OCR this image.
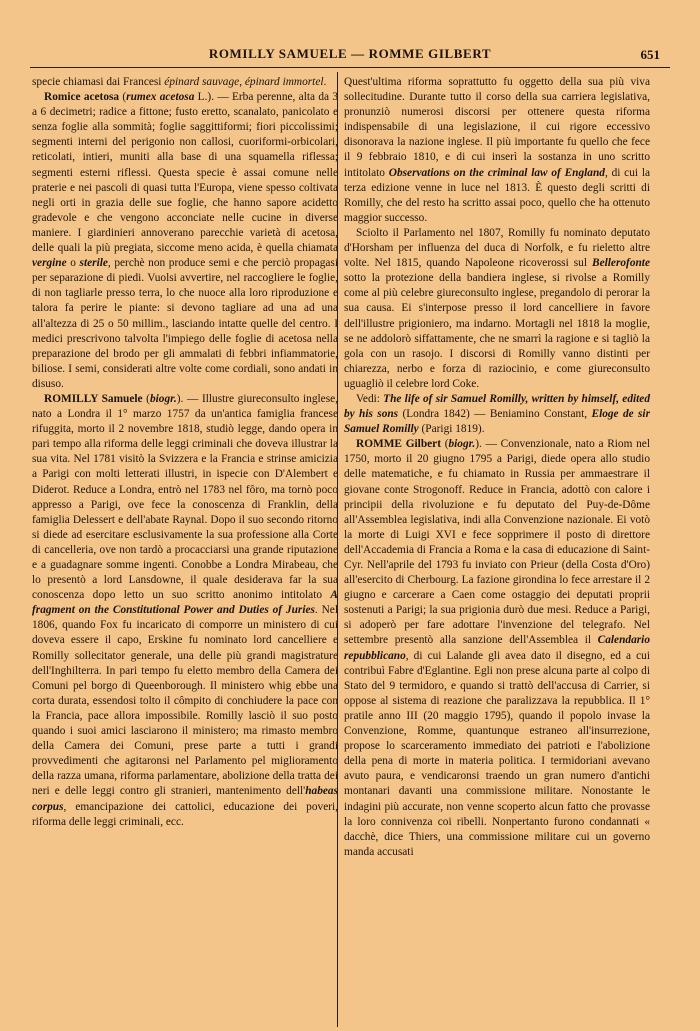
ROMILLY SAMUELE — ROMME GILBERT	651

specie chiamasi dai Francesi épinard sauvage, épinard immortel.

Romice acetosa (rumex acetosa L.). — Erba perenne, alta da 3 a 6 decimetri; radice a fittone; fusto eretto, scanalato, panicolato e senza foglie alla sommità; foglie saggittiformi; fiori piccolissimi; segmenti interni del perigonio non callosi, cuoriformi-orbicolari, reticolati, intieri, muniti alla base di una squamella riflessa; segmenti esterni riflessi. Questa specie è assai comune nelle praterie e nei pascoli di quasi tutta l'Europa, viene spesso coltivata negli orti in grazia delle sue foglie, che hanno sapore acidetto gradevole e che vengono acconciate nelle cucine in diverse maniere. I giardinieri annoverano parecchie varietà di acetosa, delle quali la più pregiata, siccome meno acida, è quella chiamata vergine o sterile, perchè non produce semi e che perciò propagasi per separazione di piedi. Vuolsi avvertire, nel raccogliere le foglie, di non tagliarle presso terra, lo che nuoce alla loro riproduzione e talora fa perire le piante: si devono tagliare ad una ad una all'altezza di 25 o 50 millim., lasciando intatte quelle del centro. I medici prescrivono talvolta l'impiego delle foglie di acetosa nella preparazione del brodo per gli ammalati di febbri infiammatorie, biliose. I semi, considerati altre volte come cordiali, sono andati in disuso.

ROMILLY Samuele (biogr.). — Illustre giureconsulto inglese, nato a Londra il 1° marzo 1757 da un'antica famiglia francese rifuggita, morto il 2 novembre 1818, studiò legge, dando opera in pari tempo alla riforma delle leggi criminali che doveva illustrar la sua vita. Nel 1781 visitò la Svizzera e la Francia e strinse amicizia a Parigi con molti letterati illustri, in ispecie con D'Alembert e Diderot. Reduce a Londra, entrò nel 1783 nel fôro, ma tornò poco appresso a Parigi, ove fece la conoscenza di Franklin, della famiglia Delessert e dell'abate Raynal. Dopo il suo secondo ritorno si diede ad esercitare esclusivamente la sua professione alla Corte di cancelleria, ove non tardò a procacciarsi una grande riputazione e a guadagnare somme ingenti. Conobbe a Londra Mirabeau, che lo presentò a lord Lansdowne, il quale desiderava far la sua conoscenza dopo letto un suo scritto anonimo intitolato A fragment on the Constitutional Power and Duties of Juries. Nel 1806, quando Fox fu incaricato di comporre un ministero di cui doveva essere il capo, Erskine fu nominato lord cancelliere e Romilly sollecitator generale, una delle più grandi magistrature dell'Inghilterra. In pari tempo fu eletto membro della Camera dei Comuni pel borgo di Queenborough. Il ministero whig ebbe una corta durata, essendosi tolto il cômpito di conchiudere la pace con la Francia, pace allora impossibile. Romilly lasciò il suo posto quando i suoi amici lasciarono il ministero; ma rimasto membro della Camera dei Comuni, prese parte a tutti i grandi provvedimenti che agitaronsi nel Parlamento pel miglioramento della razza umana, riforma parlamentare, abolizione della tratta dei neri e delle leggi contro gli stranieri, mantenimento dell'habeas corpus, emancipazione dei cattolici, educazione dei poveri, riforma delle leggi criminali, ecc.

Quest'ultima riforma soprattutto fu oggetto della sua più viva sollecitudine. Durante tutto il corso della sua carriera legislativa, pronunziò numerosi discorsi per ottenere questa riforma indispensabile di una legislazione, il cui rigore eccessivo disonorava la nazione inglese. Il più importante fu quello che fece il 9 febbraio 1810, e di cui inserì la sostanza in uno scritto intitolato Observations on the criminal law of England, di cui la terza edizione venne in luce nel 1813. È questo degli scritti di Romilly, che del resto ha scritto assai poco, quello che ha ottenuto maggior successo.

Sciolto il Parlamento nel 1807, Romilly fu nominato deputato d'Horsham per influenza del duca di Norfolk, e fu rieletto altre volte. Nel 1815, quando Napoleone ricoverossi sul Bellerofonte sotto la protezione della bandiera inglese, si rivolse a Romilly come al più celebre giureconsulto inglese, pregandolo di perorar la sua causa. Ei s'interpose presso il lord cancelliere in favore dell'illustre prigioniero, ma indarno. Mortagli nel 1818 la moglie, se ne addolorò siffattamente, che ne smarrì la ragione e si tagliò la gola con un rasojo. I discorsi di Romilly vanno distinti per chiarezza, nerbo e forza di raziocinio, e come giureconsulto uguagliò il celebre lord Coke.

Vedi: The life of sir Samuel Romilly, written by himself, edited by his sons (Londra 1842) — Beniamino Constant, Eloge de sir Samuel Romilly (Parigi 1819).

ROMME Gilbert (biogr.). — Convenzionale, nato a Riom nel 1750, morto il 20 giugno 1795 a Parigi, diede opera allo studio delle matematiche, e fu chiamato in Russia per ammaestrare il giovane conte Strogonoff. Reduce in Francia, adottò con calore i principii della rivoluzione e fu deputato del Puy-de-Dôme all'Assemblea legislativa, indi alla Convenzione nazionale. Ei votò la morte di Luigi XVI e fece sopprimere il posto di direttore dell'Accademia di Francia a Roma e la casa di educazione di Saint-Cyr. Nell'aprile del 1793 fu inviato con Prieur (della Costa d'Oro) all'esercito di Cherbourg. La fazione girondina lo fece arrestare il 2 giugno e carcerare a Caen come ostaggio dei deputati proprii sostenuti a Parigi; la sua prigionia durò due mesi. Reduce a Parigi, si adoperò per fare adottare l'invenzione del telegrafo. Nel settembre presentò alla sanzione dell'Assemblea il Calendario repubblicano, di cui Lalande gli avea dato il disegno, ed a cui contribuì Fabre d'Eglantine. Egli non prese alcuna parte al colpo di Stato del 9 termidoro, e quando si trattò dell'accusa di Carrier, si oppose al sistema di reazione che paralizzava la repubblica. Il 1° pratile anno III (20 maggio 1795), quando il popolo invase la Convenzione, Romme, quantunque estraneo all'insurrezione, propose lo scarceramento immediato dei patrioti e l'abolizione della pena di morte in materia politica. I termidoriani avevano avuto paura, e vendicaronsi traendo un gran numero d'antichi montanari davanti una commissione militare. Nonostante le indagini più accurate, non venne scoperto alcun fatto che provasse la loro connivenza coi ribelli. Nonpertanto furono condannati « dacchè, dice Thiers, una commissione militare cui un governo manda accusati
